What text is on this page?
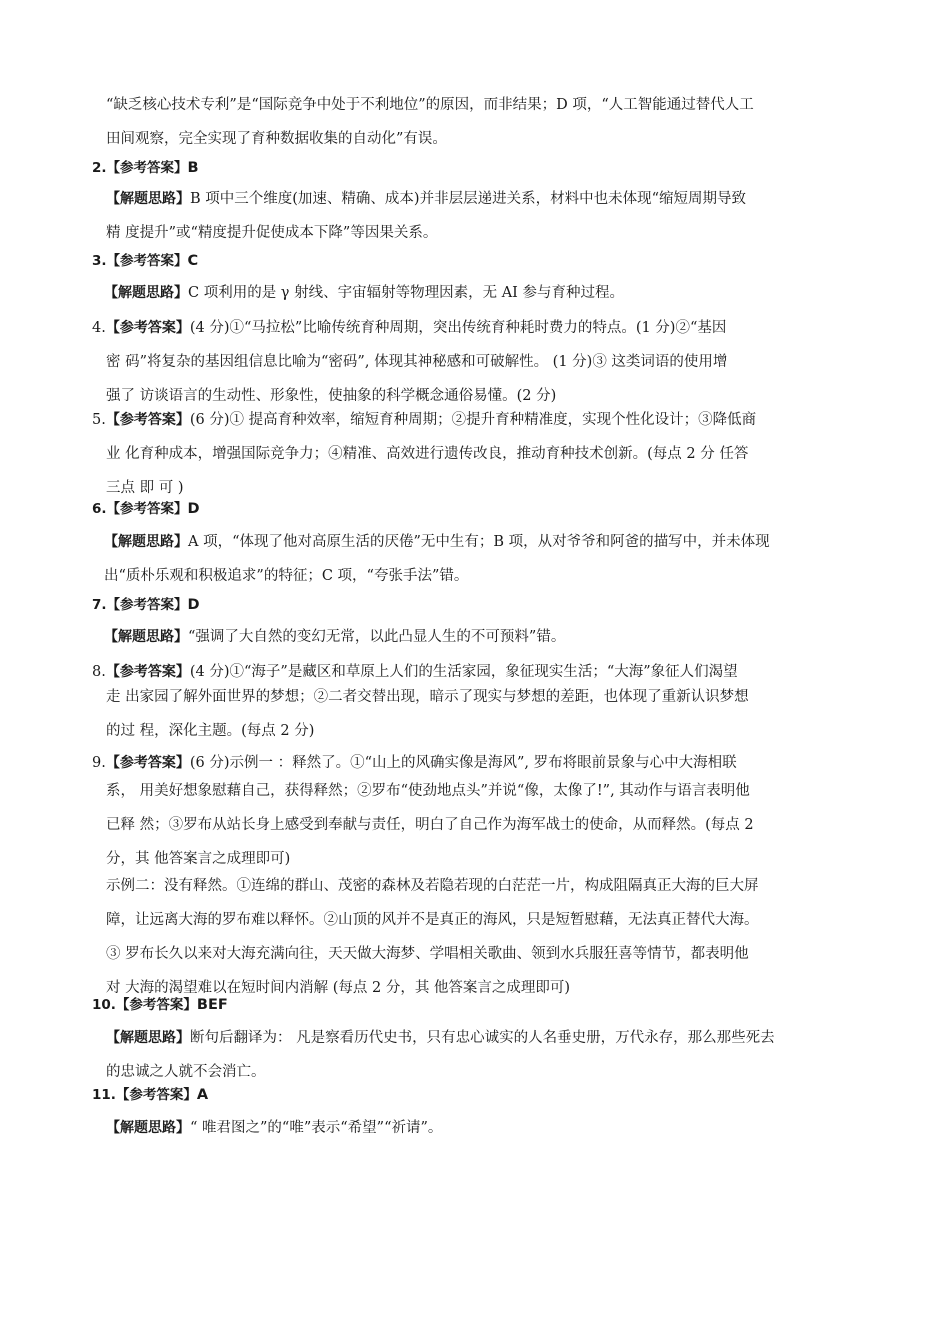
“缺乏核心技术专利”是“国际竞争中处于不利地位”的原因，而非结果；D 项，“人工智能通过替代人工
田间观察，完全实现了育种数据收集的自动化”有误。
2.【参考答案】B
【解题思路】B 项中三个维度(加速、精确、成本)并非层层递进关系，材料中也未体现“缩短周期导致
精 度提升”或“精度提升促使成本下降”等因果关系。
3.【参考答案】C
【解题思路】C 项利用的是 γ 射线、宇宙辐射等物理因素，无 AI 参与育种过程。
4.【参考答案】(4 分)①“马拉松”比喻传统育种周期，突出传统育种耗时费力的特点。(1 分)②“基因
密 码”将复杂的基因组信息比喻为“密码”, 体现其神秘感和可破解性。 (1 分)③ 这类词语的使用增
强了 访谈语言的生动性、形象性，使抽象的科学概念通俗易懂。(2 分)
5.【参考答案】(6 分)① 提高育种效率，缩短育种周期；②提升育种精准度，实现个性化设计；③降低商
业 化育种成本，增强国际竞争力；④精准、高效进行遗传改良，推动育种技术创新。(每点 2 分 任答
三点 即 可 )
6.【参考答案】D
【解题思路】A 项，“体现了他对高原生活的厌倦”无中生有；B 项，从对爷爷和阿爸的描写中，并未体现
出“质朴乐观和积极追求”的特征；C 项，“夸张手法”错。
7.【参考答案】D
【解题思路】“强调了大自然的变幻无常，以此凸显人生的不可预料”错。
8.【参考答案】(4 分)①“海子”是藏区和草原上人们的生活家园，象征现实生活；“大海”象征人们渴望
走 出家园了解外面世界的梦想；②二者交替出现，暗示了现实与梦想的差距，也体现了重新认识梦想
的过 程，深化主题。(每点 2 分)
9.【参考答案】(6 分)示例一 ：释然了。①“山上的风确实像是海风”, 罗布将眼前景象与心中大海相联
系， 用美好想象慰藉自己，获得释然；②罗布“使劲地点头”并说“像，太像了!”, 其动作与语言表明他
已释 然；③罗布从站长身上感受到奉献与责任，明白了自己作为海军战士的使命，从而释然。(每点 2
分，其 他答案言之成理即可)
示例二：没有释然。①连绵的群山、茂密的森林及若隐若现的白茫茫一片，构成阻隔真正大海的巨大屏
障，让远离大海的罗布难以释怀。②山顶的风并不是真正的海风，只是短暂慰藉，无法真正替代大海。
③ 罗布长久以来对大海充满向往，天天做大海梦、学唱相关歌曲、领到水兵服狂喜等情节，都表明他
对 大海的渴望难以在短时间内消解 (每点 2 分，其 他答案言之成理即可)
10.【参考答案】BEF
【解题思路】断句后翻译为： 凡是察看历代史书，只有忠心诚实的人名垂史册，万代永存，那么那些死去
的忠诚之人就不会消亡。
11.【参考答案】A
【解题思路】“ 唯君图之”的“唯”表示“希望”“祈请”。
